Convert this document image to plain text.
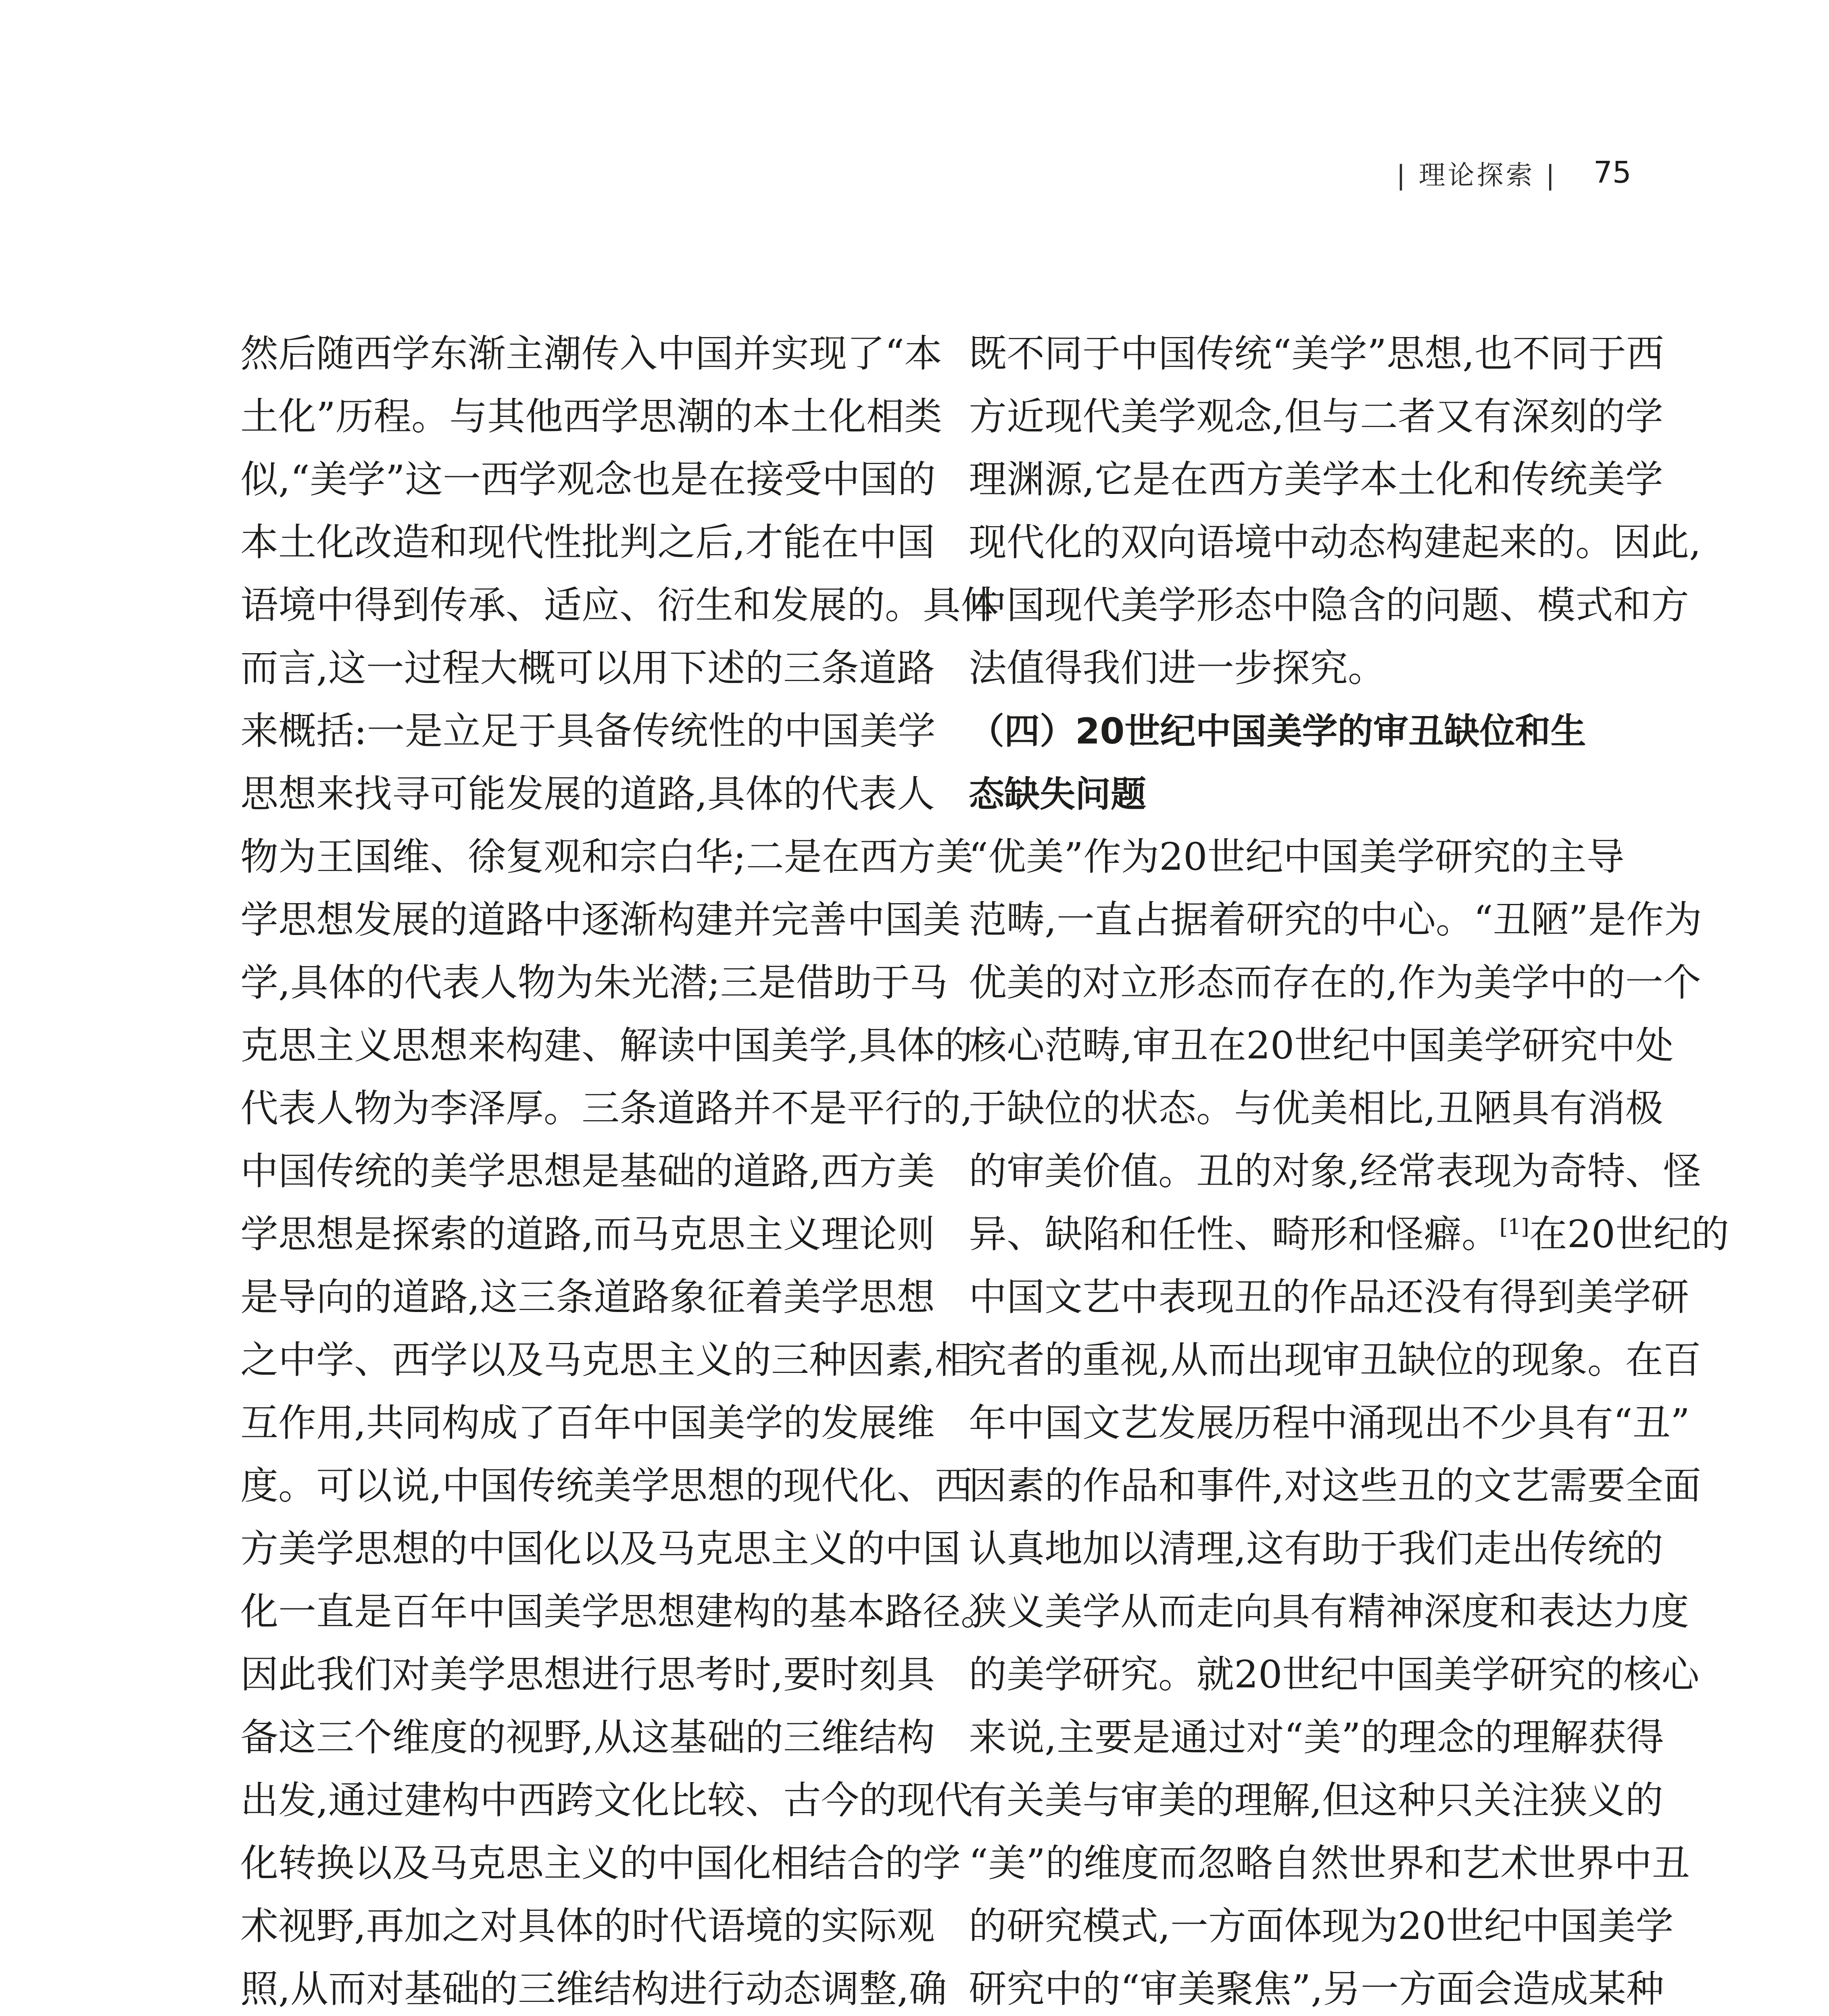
| 理论探索 | 75
然后随西学东渐主潮传入中国并实现了“本
土化”历程。与其他西学思潮的本土化相类
似,“美学”这一西学观念也是在接受中国的
本土化改造和现代性批判之后,才能在中国
语境中得到传承、适应、衍生和发展的。具体
而言,这一过程大概可以用下述的三条道路
来概括:一是立足于具备传统性的中国美学
思想来找寻可能发展的道路,具体的代表人
物为王国维、徐复观和宗白华;二是在西方美
学思想发展的道路中逐渐构建并完善中国美
学,具体的代表人物为朱光潜;三是借助于马
克思主义思想来构建、解读中国美学,具体的
代表人物为李泽厚。三条道路并不是平行的,
中国传统的美学思想是基础的道路,西方美
学思想是探索的道路,而马克思主义理论则
是导向的道路,这三条道路象征着美学思想
之中学、西学以及马克思主义的三种因素,相
互作用,共同构成了百年中国美学的发展维
度。可以说,中国传统美学思想的现代化、西
方美学思想的中国化以及马克思主义的中国
化一直是百年中国美学思想建构的基本路径。
因此我们对美学思想进行思考时,要时刻具
备这三个维度的视野,从这基础的三维结构
出发,通过建构中西跨文化比较、古今的现代
化转换以及马克思主义的中国化相结合的学
术视野,再加之对具体的时代语境的实际观
照,从而对基础的三维结构进行动态调整,确
既不同于中国传统“美学”思想,也不同于西
方近现代美学观念,但与二者又有深刻的学
理渊源,它是在西方美学本土化和传统美学
现代化的双向语境中动态构建起来的。因此,
中国现代美学形态中隐含的问题、模式和方
法值得我们进一步探究。
（四）20世纪中国美学的审丑缺位和生
态缺失问题
“优美”作为20世纪中国美学研究的主导
范畴,一直占据着研究的中心。“丑陋”是作为
优美的对立形态而存在的,作为美学中的一个
核心范畴,审丑在20世纪中国美学研究中处
于缺位的状态。与优美相比,丑陋具有消极
的审美价值。丑的对象,经常表现为奇特、怪
异、缺陷和任性、畸形和怪癖。[1]在20世纪的
中国文艺中表现丑的作品还没有得到美学研
究者的重视,从而出现审丑缺位的现象。在百
年中国文艺发展历程中涌现出不少具有“丑”
因素的作品和事件,对这些丑的文艺需要全面
认真地加以清理,这有助于我们走出传统的
狭义美学从而走向具有精神深度和表达力度
的美学研究。就20世纪中国美学研究的核心
来说,主要是通过对“美”的理念的理解获得
有关美与审美的理解,但这种只关注狭义的
“美”的维度而忽略自然世界和艺术世界中丑
的研究模式,一方面体现为20世纪中国美学
研究中的“审美聚焦”,另一方面会造成某种
